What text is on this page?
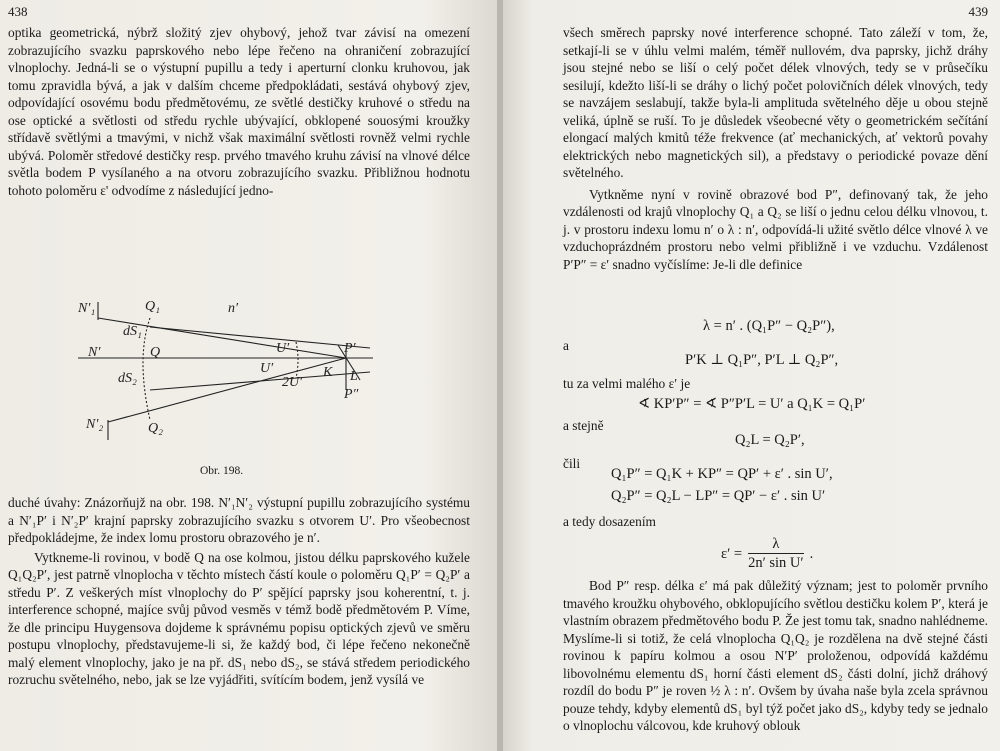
438

optika geometrická, nýbrž složitý zjev ohybový, jehož tvar závisí na omezení zobrazujícího svazku paprskového nebo lépe řečeno na ohraničení zobrazující vlnoplochy. Jedná-li se o výstupní pupillu a tedy i aperturní clonku kruhovou, jak tomu zpravidla bývá, a jak v dalším chceme předpokládati, sestává ohybový zjev, odpovídající osovému bodu předmětovému, ze světlé destičky kruhové o středu na ose optické a světlosti od středu rychle ubývající, obklopené souosými kroužky střídavě světlými a tmavými, v nichž však maximální světlosti rovněž velmi rychle ubývá. Poloměr středové destičky resp. prvého tmavého kruhu závisí na vlnové délce světla bodem P vysílaného a na otvoru zobrazujícího svazku. Přibližnou hodnotu tohoto poloměru ε' odvodíme z následující jedno-

N′₁	Q₁	n′
dS₁
N′	Q	U′
U′
P′
dS₂	K L
2U′
P″
N′₂	Q₂
Obr. 198.

duché úvahy: Znázorňujž na obr. 198. N′₁N′₂ výstupní pupillu zobrazujícího systému a N′₁P′ i N′₂P′ krajní paprsky zobrazujícího svazku s otvorem U′. Pro všeobecnost předpokládejme, že index lomu prostoru obrazového je n′.

Vytkneme-li rovinou, v bodě Q na ose kolmou, jistou délku paprskového kužele Q₁Q₂P′, jest patrně vlnoplocha v těchto místech částí koule o poloměru Q₁P′ = Q₂P′ a středu P′. Z veškerých míst vlnoplochy do P′ spějící paprsky jsou koherentní, t. j. interference schopné, majíce svůj původ vesměs v témž bodě předmětovém P. Víme, že dle principu Huygensova dojdeme k správnému popisu optických zjevů ve směru postupu vlnoplochy, představujeme-li si, že každý bod, či lépe řečeno nekonečně malý element vlnoplochy, jako je na př. dS₁ nebo dS₂, se stává středem periodického rozruchu světelného, nebo, jak se lze vyjádřiti, svítícím bodem, jenž vysílá ve

439

všech směrech paprsky nové interference schopné. Tato záleží v tom, že, setkají-li se v úhlu velmi malém, téměř nullovém, dva paprsky, jichž dráhy jsou stejné nebo se liší o celý počet délek vlnových, tedy se v průsečíku sesilují, kdežto liší-li se dráhy o lichý počet polovičních délek vlnových, tedy se navzájem seslabují, takže byla-li amplituda světelného děje u obou stejně veliká, úplně se ruší. To je důsledek všeobecné věty o geometrickém sečítání elongací malých kmitů téže frekvence (ať mechanických, ať vektorů povahy elektrických nebo magnetických sil), a představy o periodické povaze dění světelného.

Vytkněme nyní v rovině obrazové bod P″, definovaný tak, že jeho vzdálenosti od krajů vlnoplochy Q₁ a Q₂ se liší o jednu celou délku vlnovou, t. j. v prostoru indexu lomu n′ o λ : n′, odpovídá-li užité světlo délce vlnové λ ve vzduchoprázdném prostoru nebo velmi přibližně i ve vzduchu. Vzdálenost P′P″ = ε′ snadno vyčíslíme: Je-li dle definice

λ = n′ . (Q₁P″ − Q₂P″),
a
P′K ⊥ Q₁P″, P′L ⊥ Q₂P″,
tu za velmi malého ε′ je
∢ KP′P″ = ∢ P″P′L = U′ a Q₁K = Q₁P′
a stejně
Q₂L = Q₂P′,
čili
Q₁P″ = Q₁K + KP″ = QP′ + ε′ . sin U′,
Q₂P″ = Q₂L − LP″ = QP′ − ε′ . sin U′
a tedy dosazením
$\varepsilon' = \frac{\lambda}{\text{2n′ sin U′}}$ .

Bod P″ resp. délka ε′ má pak důležitý význam; jest to poloměr prvního tmavého kroužku ohybového, obklopujícího světlou destičku kolem P′, která je vlastním obrazem předmětového bodu P. Že jest tomu tak, snadno nahlédneme. Myslíme-li si totiž, že celá vlnoplocha Q₁Q₂ je rozdělena na dvě stejné části rovinou k papíru kolmou a osou N′P′ proloženou, odpovídá každému libovolnému elementu dS₁ horní části element dS₂ části dolní, jichž dráhový rozdíl do bodu P″ je roven ½ λ : n′. Ovšem by úvaha naše byla zcela správnou pouze tehdy, kdyby elementů dS₁ byl týž počet jako dS₂, kdyby tedy se jednalo o vlnoplochu válcovou, kde kruhový oblouk
